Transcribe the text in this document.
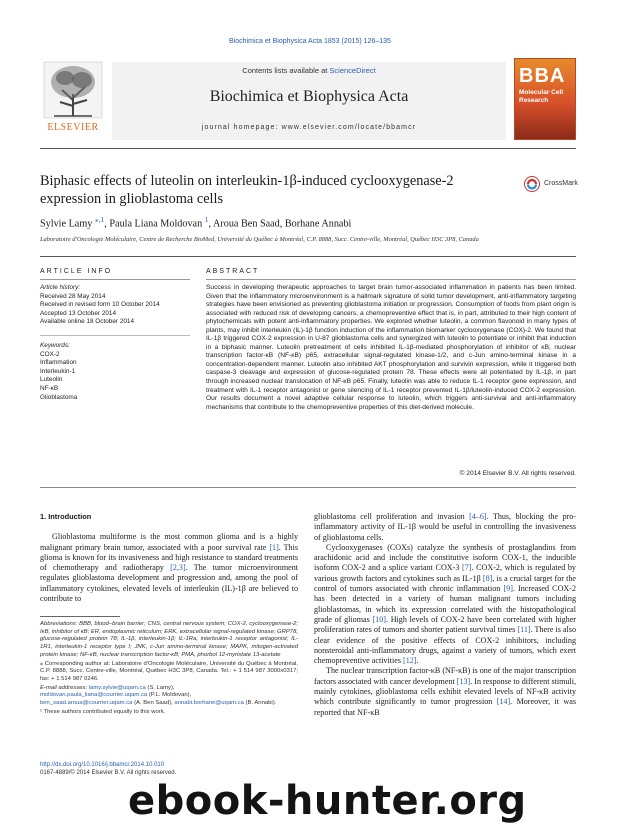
Biochimica et Biophysica Acta 1853 (2015) 126–135
Contents lists available at ScienceDirect
Biochimica et Biophysica Acta
journal homepage: www.elsevier.com/locate/bbamcr
ELSEVIER
BBA
Molecular Cell Research
Biphasic effects of luteolin on interleukin-1β-induced cyclooxygenase-2 expression in glioblastoma cells
CrossMark
Sylvie Lamy $^{⁎,1}$, Paula Liana Moldovan $^1$, Aroua Ben Saad, Borhane Annabi
Laboratoire d'Oncologie Moléculaire, Centre de Recherche BioMed, Université du Québec à Montréal, C.P. 8888, Succ. Centre-ville, Montréal, Québec H3C 3P8, Canada
ARTICLE INFO	ABSTRACT
Article history:
Received 28 May 2014
Received in revised form 10 October 2014
Accepted 13 October 2014
Available online 18 October 2014
Keywords:
COX-2
Inflammation
Interleukin-1
Luteolin
NF-κB
Glioblastoma
Success in developing therapeutic approaches to target brain tumor-associated inflammation in patients has been limited. Given that the inflammatory microenvironment is a hallmark signature of solid tumor development, anti-inflammatory targeting strategies have been envisioned as preventing glioblastoma initiation or progression. Consumption of foods from plant origin is associated with reduced risk of developing cancers, a chemopreventive effect that is, in part, attributed to their high content of phytochemicals with potent anti-inflammatory properties. We explored whether luteolin, a common flavonoid in many types of plants, may inhibit interleukin (IL)-1β function induction of the inflammation biomarker cyclooxygenase (COX)-2. We found that IL-1β triggered COX-2 expression in U-87 glioblastoma cells and synergized with luteolin to potentiate or inhibit that induction in a biphasic manner. Luteolin pretreatment of cells inhibited IL-1β-mediated phosphorylation of inhibitor of κB, nuclear transcription factor-κB (NF-κB) p65, extracellular signal-regulated kinase-1/2, and c-Jun amino-terminal kinase in a concentration-dependent manner. Luteolin also inhibited AKT phosphorylation and survivin expression, while it triggered both caspase-3 cleavage and expression of glucose-regulated protein 78. These effects were all potentiated by IL-1β, in part through increased nuclear translocation of NF-κB p65. Finally, luteolin was able to reduce IL-1 receptor gene expression, and treatment with IL-1 receptor antagonist or gene silencing of IL-1 receptor prevented IL-1β/luteolin-induced COX-2 expression. Our results document a novel adaptive cellular response to luteolin, which triggers anti-survival and anti-inflammatory mechanisms that contribute to the chemopreventive properties of this diet-derived molecule.
© 2014 Elsevier B.V. All rights reserved.
1. Introduction

Glioblastoma multiforme is the most common glioma and is a highly malignant primary brain tumor, associated with a poor survival rate [1]. This glioma is known for its invasiveness and high resistance to standard treatments of chemotherapy and radiotherapy [2,3]. The tumor microenvironment regulates glioblastoma development and progression and, among the pool of inflammatory cytokines, elevated levels of interleukin (IL)-1β are believed to contribute to

glioblastoma cell proliferation and invasion [4–6]. Thus, blocking the pro-inflammatory activity of IL-1β would be useful in controlling the invasiveness of glioblastoma cells.

Cyclooxygenases (COXs) catalyze the synthesis of prostaglandins from arachidonic acid and include the constitutive isoform COX-1, the inducible isoform COX-2 and a splice variant COX-3 [7]. COX-2, which is regulated by various growth factors and cytokines such as IL-1β [8], is a crucial target for the control of tumors associated with chronic inflammation [9]. Increased COX-2 has been detected in a variety of human malignant tumors including glioblastomas, in which its expression correlated with the histopathological grade of gliomas [10]. High levels of COX-2 have been correlated with higher proliferation rates of tumors and shorter patient survival times [11]. There is also clear evidence of the positive effects of COX-2 inhibitors, including nonsteroidal anti-inflammatory drugs, against a variety of tumors, which exert chemopreventive activities [12].

The nuclear transcription factor-κB (NF-κB) is one of the major transcription factors associated with cancer development [13]. In response to different stimuli, mainly cytokines, glioblastoma cells exhibit elevated levels of NF-κB activity which contribute significantly to tumor progression [14]. Moreover, it was reported that NF-κB

Abbreviations: BBB, blood–brain barrier; CNS, central nervous system; COX-2, cyclooxygenase-2; IκB, inhibitor of κB; ER, endoplasmic reticulum; ERK, extracellular signal-regulated kinase; GRP78, glucose-regulated protein 78; IL-1β, interleukin-1β; IL-1Ra, interleukin-1 receptor antagonist; IL-1R1, interleukin-1 receptor type I; JNK, c-Jun amino-terminal kinase; MAPK, mitogen-activated protein kinase; NF-κB, nuclear transcription factor-κB; PMA, phorbol 12-myristate 13-acetate
⁎ Corresponding author at: Laboratoire d'Oncologie Moléculaire, Université du Québec à Montréal, C.P. 8888, Succ. Centre-ville, Montréal, Québec H3C 3P8, Canada. Tel.: + 1 514 987 3000x0317; fax: + 1 514 987 0246.
E-mail addresses: lamy.sylvie@uqam.ca (S. Lamy),
moldovan.paula_liana@courrier.uqam.ca (P.L. Moldovan),
ben_saad.aroua@courrier.uqam.ca (A. Ben Saad), annabi.borhane@uqam.ca (B. Annabi).
¹ These authors contributed equally to this work.
http://dx.doi.org/10.1016/j.bbamcr.2014.10.010
0167-4889/© 2014 Elsevier B.V. All rights reserved.
ebook-hunter.org
